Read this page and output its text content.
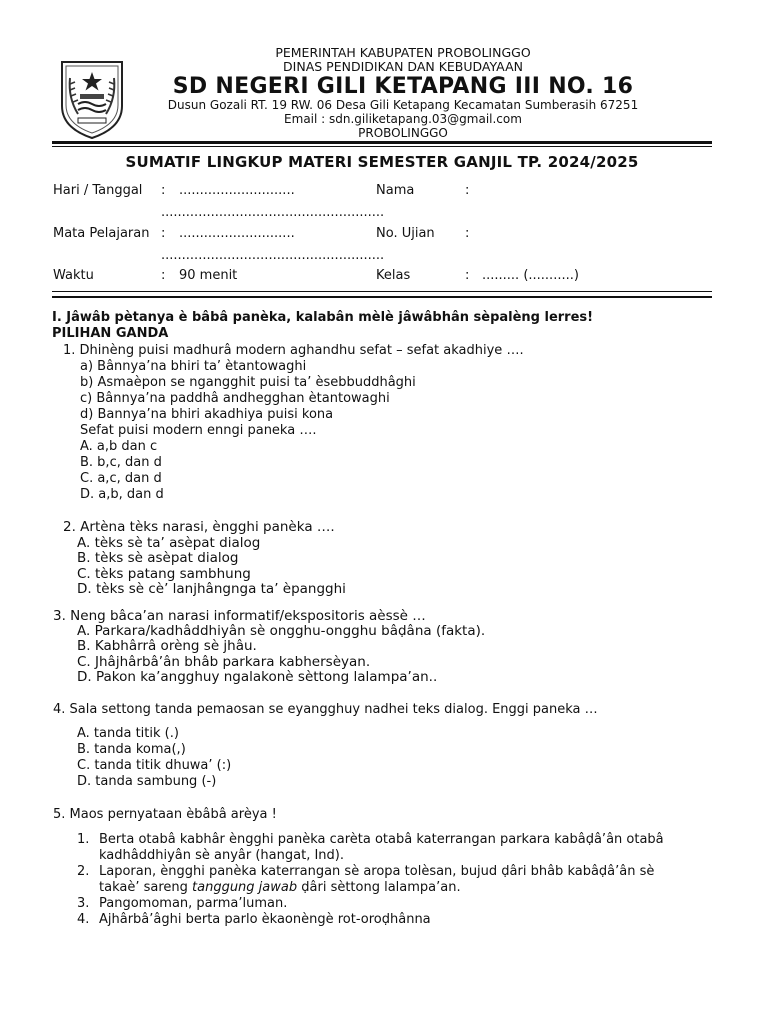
PEMERINTAH KABUPATEN PROBOLINGGO
DINAS PENDIDIKAN DAN KEBUDAYAAN
SD NEGERI GILI KETAPANG III NO. 16
Dusun Gozali RT. 19 RW. 06 Desa Gili Ketapang Kecamatan Sumberasih 67251
Email : sdn.giliketapang.03@gmail.com
PROBOLINGGO
SUMATIF LINGKUP MATERI SEMESTER GANJIL TP. 2024/2025
Hari / Tanggal : ............................	Nama	:
......................................................
Mata Pelajaran : ............................	No. Ujian :
......................................................
Waktu	: 90 menit	Kelas	: ......... (...........)
I. Jâwâb pètanya è bâbâ panèka, kalabân mèlè jâwâbhân sèpalèng lerres!
PILIHAN GANDA
1. Dhinèng puisi madhurâ modern aghandhu sefat – sefat akadhiye ….
a) Bânnya’na bhiri ta’ ètantowaghi
b) Asmaèpon se ngangghit puisi ta’ èsebbuddhâghi
c) Bânnya’na paddhâ andhegghan ètantowaghi
d) Bannya’na bhiri akadhiya puisi kona
Sefat puisi modern enngi paneka ….
A. a,b dan c
B. b,c, dan d
C. a,c, dan d
D. a,b, dan d
2. Artèna tèks narasi, èngghi panèka ….
A. tèks sè ta’ asèpat dialog
B. tèks sè asèpat dialog
C. tèks patang sambhung
D. tèks sè cè’ lanjhângnga ta’ èpangghi
3. Neng bâca’an narasi informatif/ekspositoris aèssè …
A. Parkara/kadhâddhiyân sè ongghu-ongghu bâḍâna (fakta).
B. Kabhârrâ orèng sè jhâu.
C. Jhâjhârbâ’ân bhâb parkara kabhersèyan.
D. Pakon ka’angghuy ngalakonè sèttong lalampa’an..
4. Sala settong tanda pemaosan se eyangghuy nadhei teks dialog. Enggi paneka …
A. tanda titik (.)
B. tanda koma(,)
C. tanda titik dhuwa’ (:)
D. tanda sambung (-)
5. Maos pernyataan èbâbâ arèya !
1. Berta otabâ kabhâr èngghi panèka carèta otabâ katerrangan parkara kabâḍâ’ân otabâ
kadhâddhiyân sè anyâr (hangat, Ind).
2. Laporan, èngghi panèka katerrangan sè aropa tolèsan, bujud ḍâri bhâb kabâḍâ’ân sè
takaè’ sareng tanggung jawab ḍâri sèttong lalampa’an.
3. Pangomoman, parma’luman.
4. Ajhârbâ’âghi berta parlo èkaonèngè rot-oroḍhânna
